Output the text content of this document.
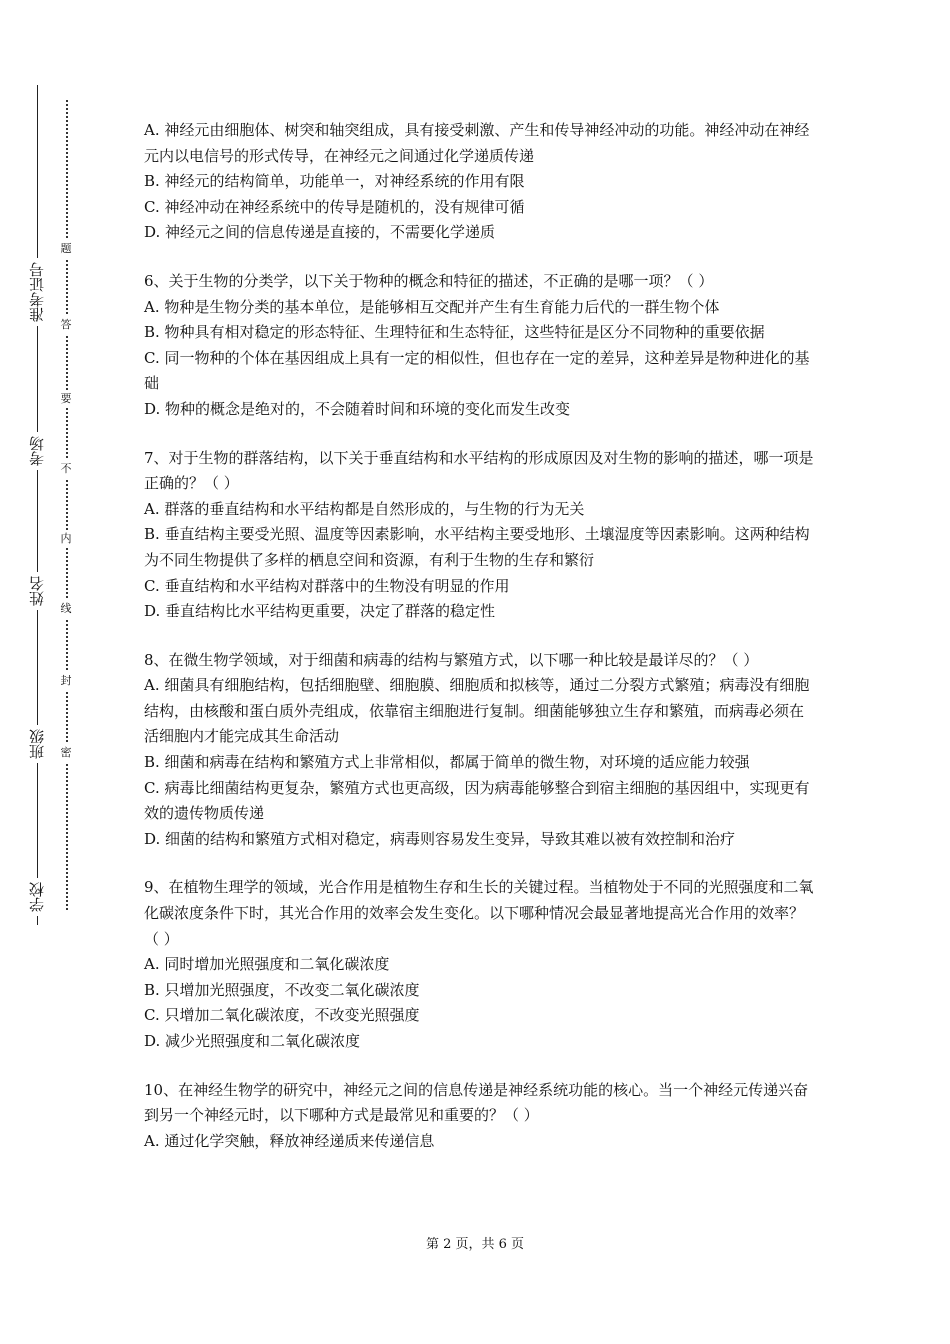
准考证号
考场
姓名
班级
学校
题
答
要
不
内
线
封
密
A. 神经元由细胞体、树突和轴突组成，具有接受刺激、产生和传导神经冲动的功能。神经冲动在神经元内以电信号的形式传导，在神经元之间通过化学递质传递
B. 神经元的结构简单，功能单一，对神经系统的作用有限
C. 神经冲动在神经系统中的传导是随机的，没有规律可循
D. 神经元之间的信息传递是直接的，不需要化学递质
6、关于生物的分类学，以下关于物种的概念和特征的描述，不正确的是哪一项？（ ）
A. 物种是生物分类的基本单位，是能够相互交配并产生有生育能力后代的一群生物个体
B. 物种具有相对稳定的形态特征、生理特征和生态特征，这些特征是区分不同物种的重要依据
C. 同一物种的个体在基因组成上具有一定的相似性，但也存在一定的差异，这种差异是物种进化的基础
D. 物种的概念是绝对的，不会随着时间和环境的变化而发生改变
7、对于生物的群落结构，以下关于垂直结构和水平结构的形成原因及对生物的影响的描述，哪一项是正确的？（ ）
A. 群落的垂直结构和水平结构都是自然形成的，与生物的行为无关
B. 垂直结构主要受光照、温度等因素影响，水平结构主要受地形、土壤湿度等因素影响。这两种结构为不同生物提供了多样的栖息空间和资源，有利于生物的生存和繁衍
C. 垂直结构和水平结构对群落中的生物没有明显的作用
D. 垂直结构比水平结构更重要，决定了群落的稳定性
8、在微生物学领域，对于细菌和病毒的结构与繁殖方式，以下哪一种比较是最详尽的？（ ）
A. 细菌具有细胞结构，包括细胞壁、细胞膜、细胞质和拟核等，通过二分裂方式繁殖；病毒没有细胞结构，由核酸和蛋白质外壳组成，依靠宿主细胞进行复制。细菌能够独立生存和繁殖，而病毒必须在活细胞内才能完成其生命活动
B. 细菌和病毒在结构和繁殖方式上非常相似，都属于简单的微生物，对环境的适应能力较强
C. 病毒比细菌结构更复杂，繁殖方式也更高级，因为病毒能够整合到宿主细胞的基因组中，实现更有效的遗传物质传递
D. 细菌的结构和繁殖方式相对稳定，病毒则容易发生变异，导致其难以被有效控制和治疗
9、在植物生理学的领域，光合作用是植物生存和生长的关键过程。当植物处于不同的光照强度和二氧化碳浓度条件下时，其光合作用的效率会发生变化。以下哪种情况会最显著地提高光合作用的效率？（ ）
A. 同时增加光照强度和二氧化碳浓度
B. 只增加光照强度，不改变二氧化碳浓度
C. 只增加二氧化碳浓度，不改变光照强度
D. 减少光照强度和二氧化碳浓度
10、在神经生物学的研究中，神经元之间的信息传递是神经系统功能的核心。当一个神经元传递兴奋到另一个神经元时，以下哪种方式是最常见和重要的？（ ）
A. 通过化学突触，释放神经递质来传递信息
第 2 页，共 6 页
